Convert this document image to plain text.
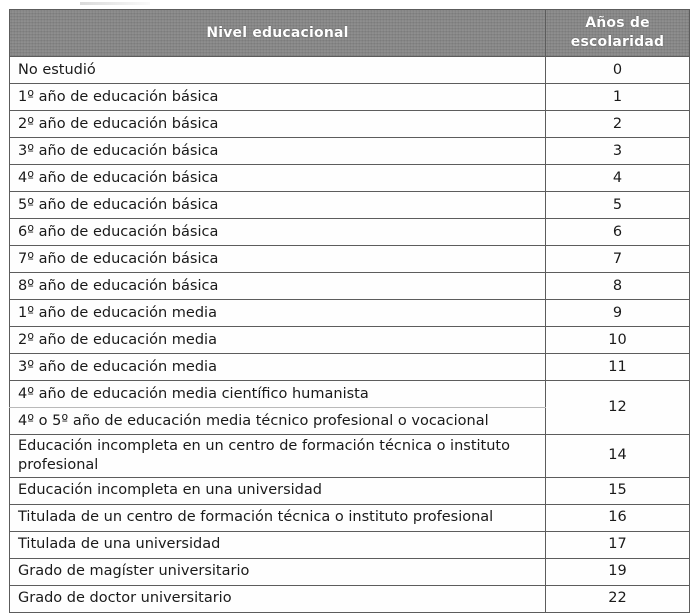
Nivel educacional	Años de
escolaridad

No estudió	0
1º año de educación básica	1
2º año de educación básica	2
3º año de educación básica	3
4º año de educación básica	4
5º año de educación básica	5
6º año de educación básica	6
7º año de educación básica	7
8º año de educación básica	8
1º año de educación media	9
2º año de educación media	10
3º año de educación media	11
4º año de educación media científico humanista	12
4º o 5º año de educación media técnico profesional o vocacional	
Educación incompleta en un centro de formación técnica o instituto profesional	14
Educación incompleta en una universidad	15
Titulada de un centro de formación técnica o instituto profesional	16
Titulada de una universidad	17
Grado de magíster universitario	19
Grado de doctor universitario	22
